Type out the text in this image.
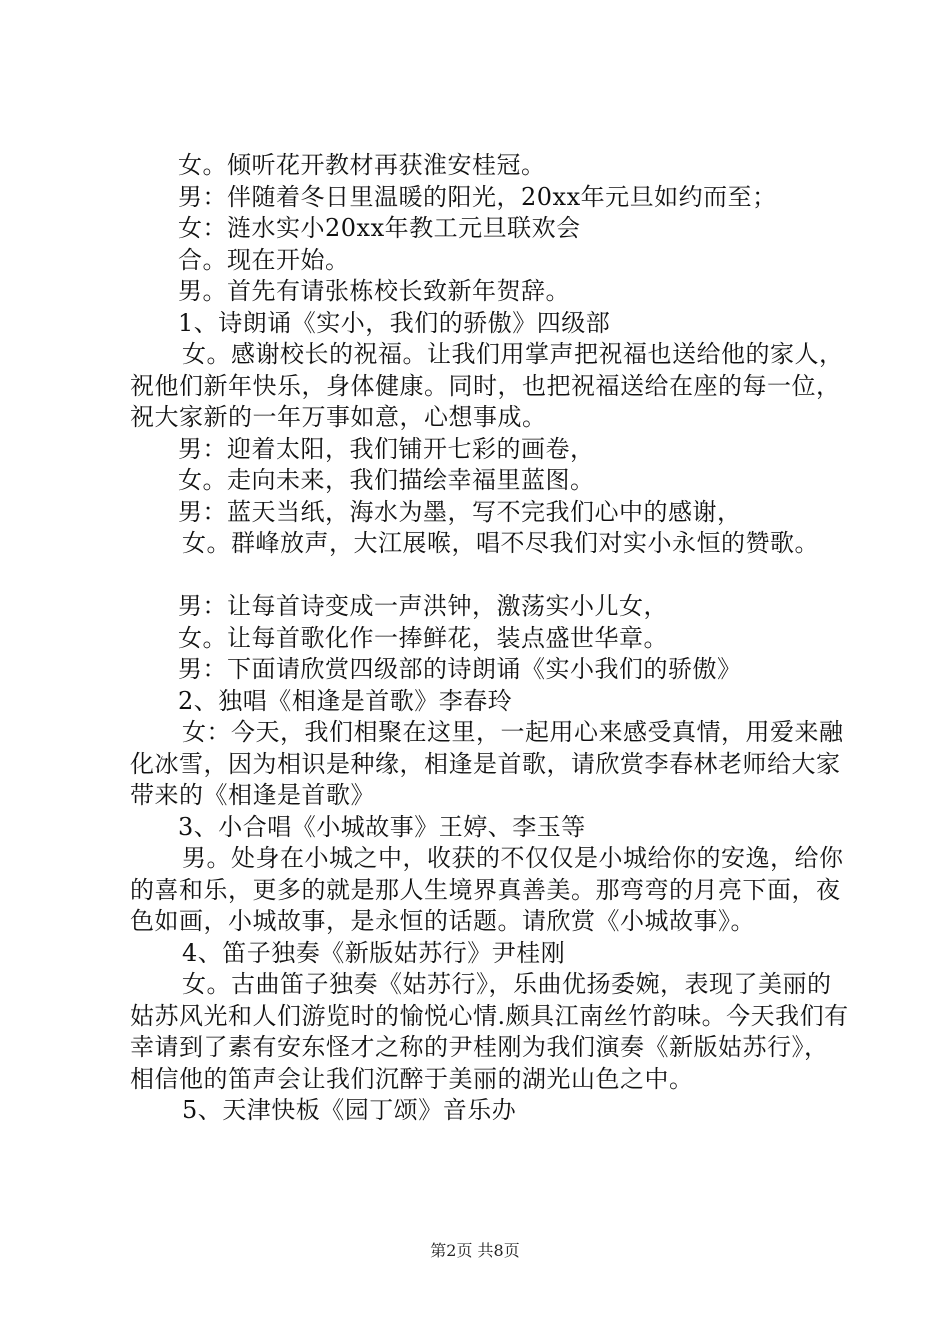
女。倾听花开教材再获淮安桂冠。

男：伴随着冬日里温暖的阳光，20xx年元旦如约而至；

女：涟水实小20xx年教工元旦联欢会

合。现在开始。

男。首先有请张栋校长致新年贺辞。

1、诗朗诵《实小，我们的骄傲》四级部

女。感谢校长的祝福。让我们用掌声把祝福也送给他的家人，祝他们新年快乐，身体健康。同时，也把祝福送给在座的每一位，祝大家新的一年万事如意，心想事成。

男：迎着太阳，我们铺开七彩的画卷，

女。走向未来，我们描绘幸福里蓝图。

男：蓝天当纸，海水为墨，写不完我们心中的感谢，

女。群峰放声，大江展喉，唱不尽我们对实小永恒的赞歌。

男：让每首诗变成一声洪钟，激荡实小儿女，

女。让每首歌化作一捧鲜花，装点盛世华章。

男：下面请欣赏四级部的诗朗诵《实小我们的骄傲》

2、独唱《相逢是首歌》李春玲

女：今天，我们相聚在这里，一起用心来感受真情，用爱来融化冰雪，因为相识是种缘，相逢是首歌，请欣赏李春林老师给大家带来的《相逢是首歌》

3、小合唱《小城故事》王婷、李玉等

男。处身在小城之中，收获的不仅仅是小城给你的安逸，给你的喜和乐，更多的就是那人生境界真善美。那弯弯的月亮下面，夜色如画，小城故事，是永恒的话题。请欣赏《小城故事》。

4、笛子独奏《新版姑苏行》尹桂刚

女。古曲笛子独奏《姑苏行》，乐曲优扬委婉，表现了美丽的姑苏风光和人们游览时的愉悦心情.颇具江南丝竹韵味。今天我们有幸请到了素有安东怪才之称的尹桂刚为我们演奏《新版姑苏行》，相信他的笛声会让我们沉醉于美丽的湖光山色之中。

5、天津快板《园丁颂》音乐办

第2页 共8页
